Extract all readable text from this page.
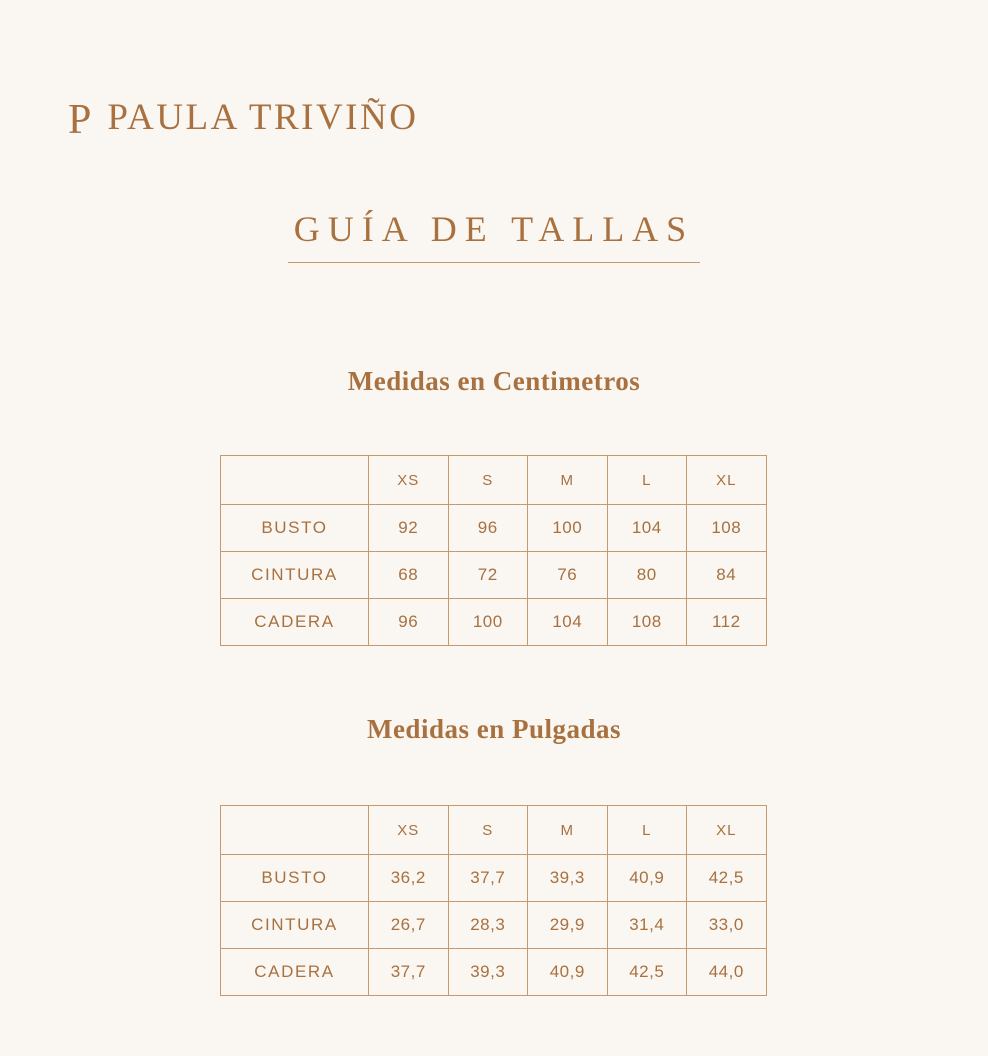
P PAULA TRIVIÑO
GUÍA DE TALLAS
Medidas en Centimetros
	XS	S	M	L	XL
BUSTO	92	96	100	104	108
CINTURA	68	72	76	80	84
CADERA	96	100	104	108	112
Medidas en Pulgadas
	XS	S	M	L	XL
BUSTO	36,2	37,7	39,3	40,9	42,5
CINTURA	26,7	28,3	29,9	31,4	33,0
CADERA	37,7	39,3	40,9	42,5	44,0
